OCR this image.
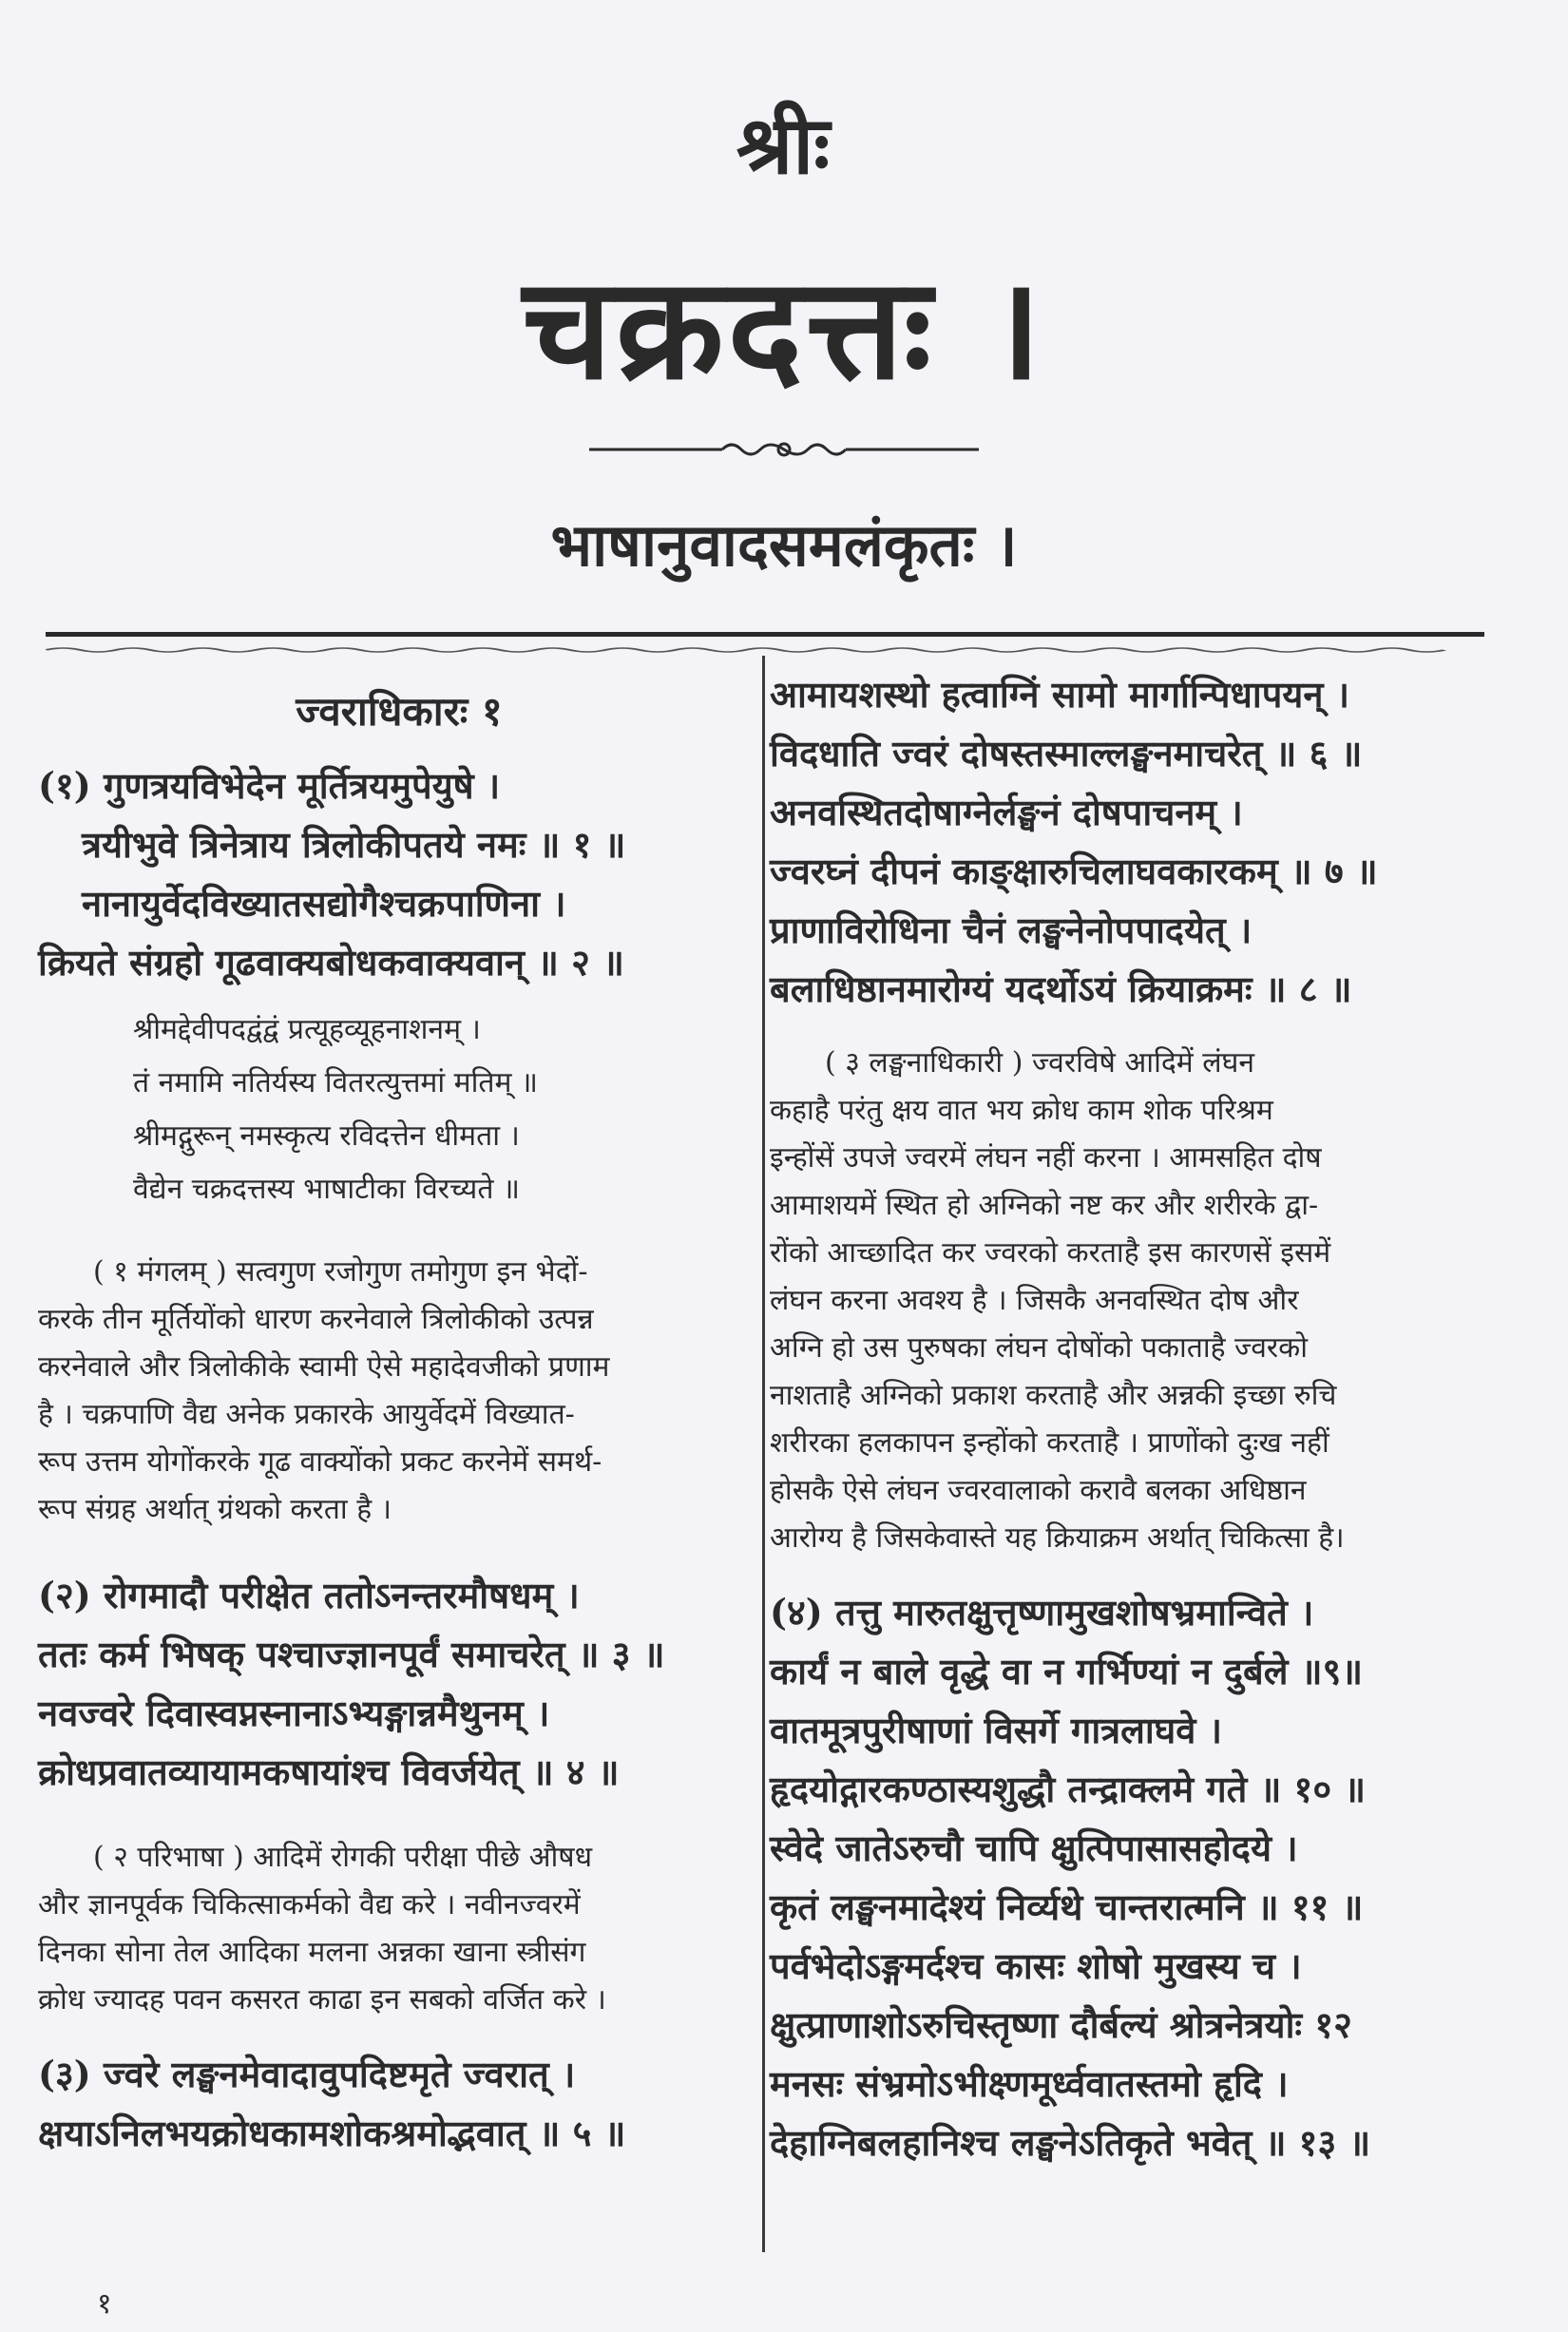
श्रीः
चक्रदत्तः ।
भाषानुवादसमलंकृतः ।
ज्वराधिकारः १
(१) गुणत्रयविभेदेन मूर्तित्रयमुपेयुषे ।
त्रयीभुवे त्रिनेत्राय त्रिलोकीपतये नमः ॥ १ ॥
नानायुर्वेदविख्यातसद्योगैश्चक्रपाणिना ।
क्रियते संग्रहो गूढवाक्यबोधकवाक्यवान् ॥ २ ॥
श्रीमद्देवीपदद्वंद्वं प्रत्यूहव्यूहनाशनम् ।
तं नमामि नतिर्यस्य वितरत्युत्तमां मतिम् ॥
श्रीमद्गुरून् नमस्कृत्य रविदत्तेन धीमता ।
वैद्येन चक्रदत्तस्य भाषाटीका विरच्यते ॥
( १ मंगलम् ) सत्वगुण रजोगुण तमोगुण इन भेदों-
करके तीन मूर्तियोंको धारण करनेवाले त्रिलोकीको उत्पन्न
करनेवाले और त्रिलोकीके स्वामी ऐसे महादेवजीको प्रणाम
है । चक्रपाणि वैद्य अनेक प्रकारके आयुर्वेदमें विख्यात-
रूप उत्तम योगोंकरके गूढ वाक्योंको प्रकट करनेमें समर्थ-
रूप संग्रह अर्थात् ग्रंथको करता है ।
(२) रोगमादौ परीक्षेत ततोऽनन्तरमौषधम् ।
ततः कर्म भिषक् पश्चाज्ज्ञानपूर्वं समाचरेत् ॥ ३ ॥
नवज्वरे दिवास्वप्नस्नानाऽभ्यङ्गान्नमैथुनम् ।
क्रोधप्रवातव्यायामकषायांश्च विवर्जयेत् ॥ ४ ॥
( २ परिभाषा ) आदिमें रोगकी परीक्षा पीछे औषध
और ज्ञानपूर्वक चिकित्साकर्मको वैद्य करे । नवीनज्वरमें
दिनका सोना तेल आदिका मलना अन्नका खाना स्त्रीसंग
क्रोध ज्यादह पवन कसरत काढा इन सबको वर्जित करे ।
(३) ज्वरे लङ्घनमेवादावुपदिष्टमृते ज्वरात् ।
क्षयाऽनिलभयक्रोधकामशोकश्रमोद्भवात् ॥ ५ ॥
आमायशस्थो हत्वाग्निं सामो मार्गान्पिधापयन् ।
विदधाति ज्वरं दोषस्तस्माल्लङ्घनमाचरेत् ॥ ६ ॥
अनवस्थितदोषाग्नेर्लङ्घनं दोषपाचनम् ।
ज्वरघ्नं दीपनं काङ्क्षारुचिलाघवकारकम् ॥ ७ ॥
प्राणाविरोधिना चैनं लङ्घनेनोपपादयेत् ।
बलाधिष्ठानमारोग्यं यदर्थोऽयं क्रियाक्रमः ॥ ८ ॥
( ३ लङ्घनाधिकारी ) ज्वरविषे आदिमें लंघन
कहाहै परंतु क्षय वात भय क्रोध काम शोक परिश्रम
इन्होंसें उपजे ज्वरमें लंघन नहीं करना । आमसहित दोष
आमाशयमें स्थित हो अग्निको नष्ट कर और शरीरके द्वा-
रोंको आच्छादित कर ज्वरको करताहै इस कारणसें इसमें
लंघन करना अवश्य है । जिसकै अनवस्थित दोष और
अग्नि हो उस पुरुषका लंघन दोषोंको पकाताहै ज्वरको
नाशताहै अग्निको प्रकाश करताहै और अन्नकी इच्छा रुचि
शरीरका हलकापन इन्होंको करताहै । प्राणोंको दुःख नहीं
होसकै ऐसे लंघन ज्वरवालाको करावै बलका अधिष्ठान
आरोग्य है जिसकेवास्ते यह क्रियाक्रम अर्थात् चिकित्सा है।
(४) तत्तु मारुतक्षुत्तृष्णामुखशोषभ्रमान्विते ।
कार्यं न बाले वृद्धे वा न गर्भिण्यां न दुर्बले ॥९॥
वातमूत्रपुरीषाणां विसर्गे गात्रलाघवे ।
हृदयोद्गारकण्ठास्यशुद्धौ तन्द्राक्लमे गते ॥ १० ॥
स्वेदे जातेऽरुचौ चापि क्षुत्पिपासासहोदये ।
कृतं लङ्घनमादेश्यं निर्व्यथे चान्तरात्मनि ॥ ११ ॥
पर्वभेदोऽङ्गमर्दश्च कासः शोषो मुखस्य च ।
क्षुत्प्राणाशोऽरुचिस्तृष्णा दौर्बल्यं श्रोत्रनेत्रयोः १२
मनसः संभ्रमोऽभीक्ष्णमूर्ध्ववातस्तमो हृदि ।
देहाग्निबलहानिश्च लङ्घनेऽतिकृते भवेत् ॥ १३ ॥
१
